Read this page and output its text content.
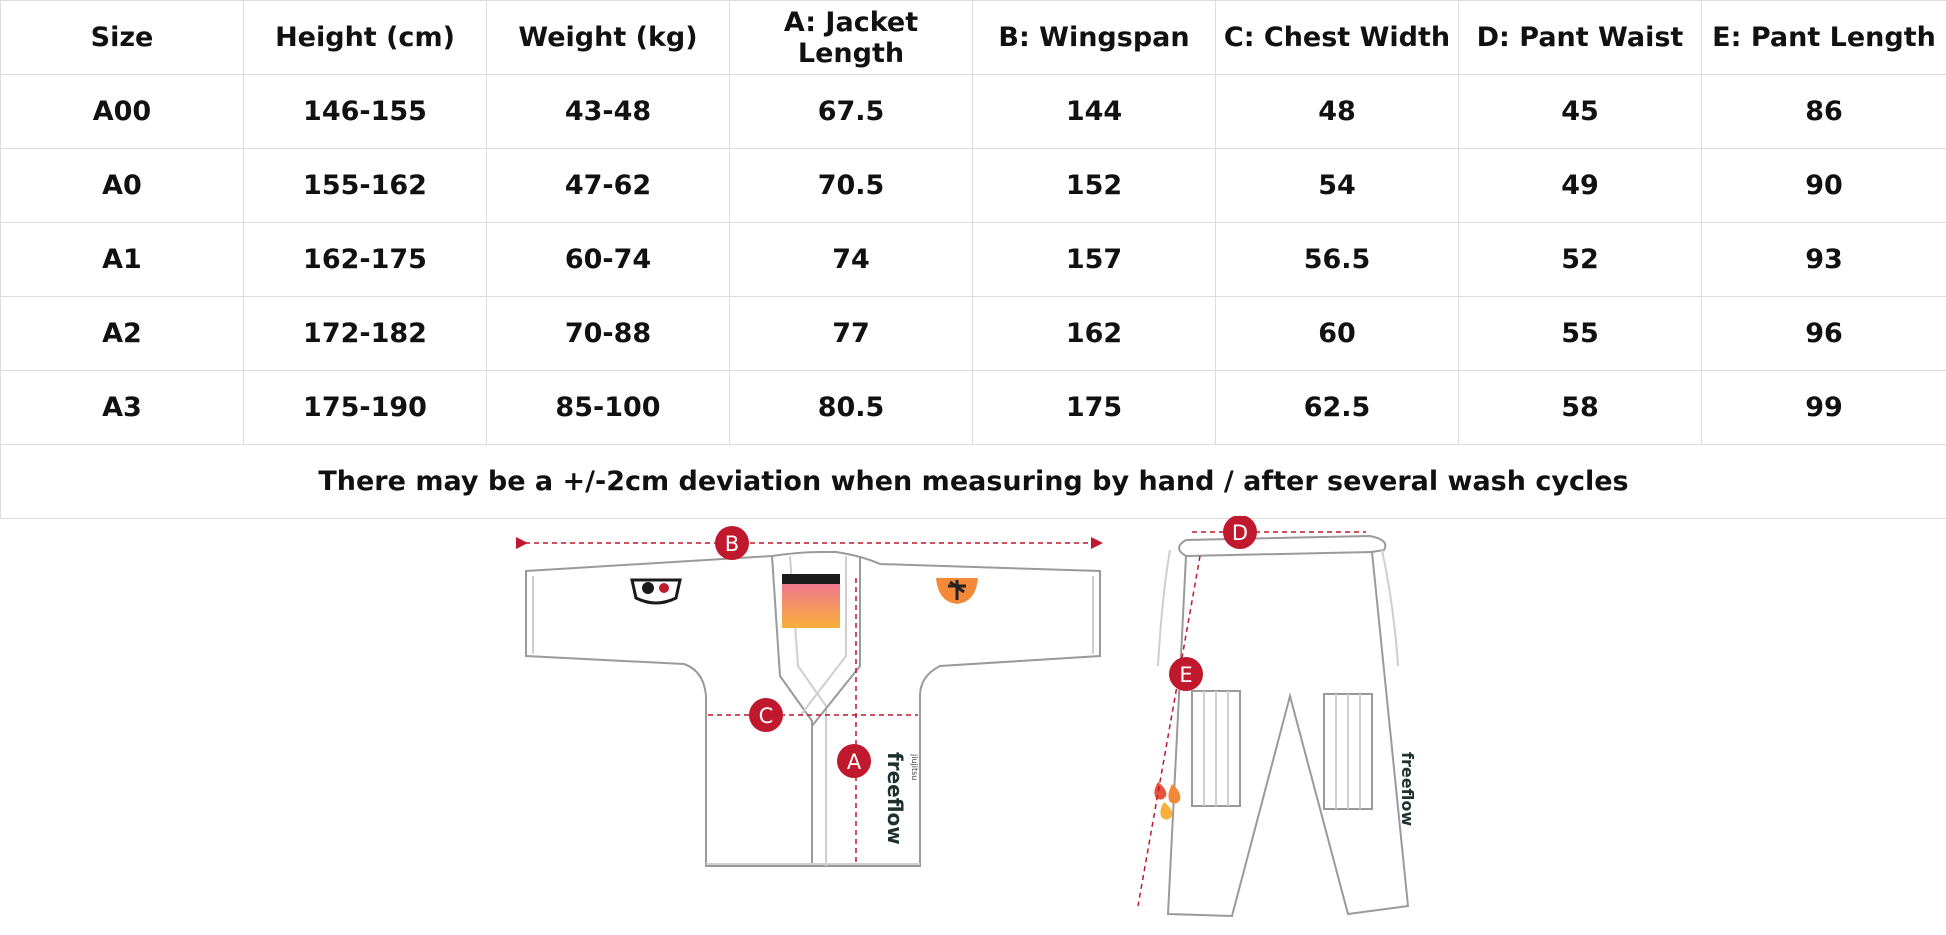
Size	Height (cm)	Weight (kg)	A: Jacket Length	B: Wingspan	C: Chest Width	D: Pant Waist	E: Pant Length
A00	146-155	43-48	67.5	144	48	45	86
A0	155-162	47-62	70.5	152	54	49	90
A1	162-175	60-74	74	157	56.5	52	93
A2	172-182	70-88	77	162	60	55	96
A3	175-190	85-100	80.5	175	62.5	58	99
There may be a +/-2cm deviation when measuring by hand / after several wash cycles							
freeflow jiujitsu	freeflow
B
C
A
D
E
